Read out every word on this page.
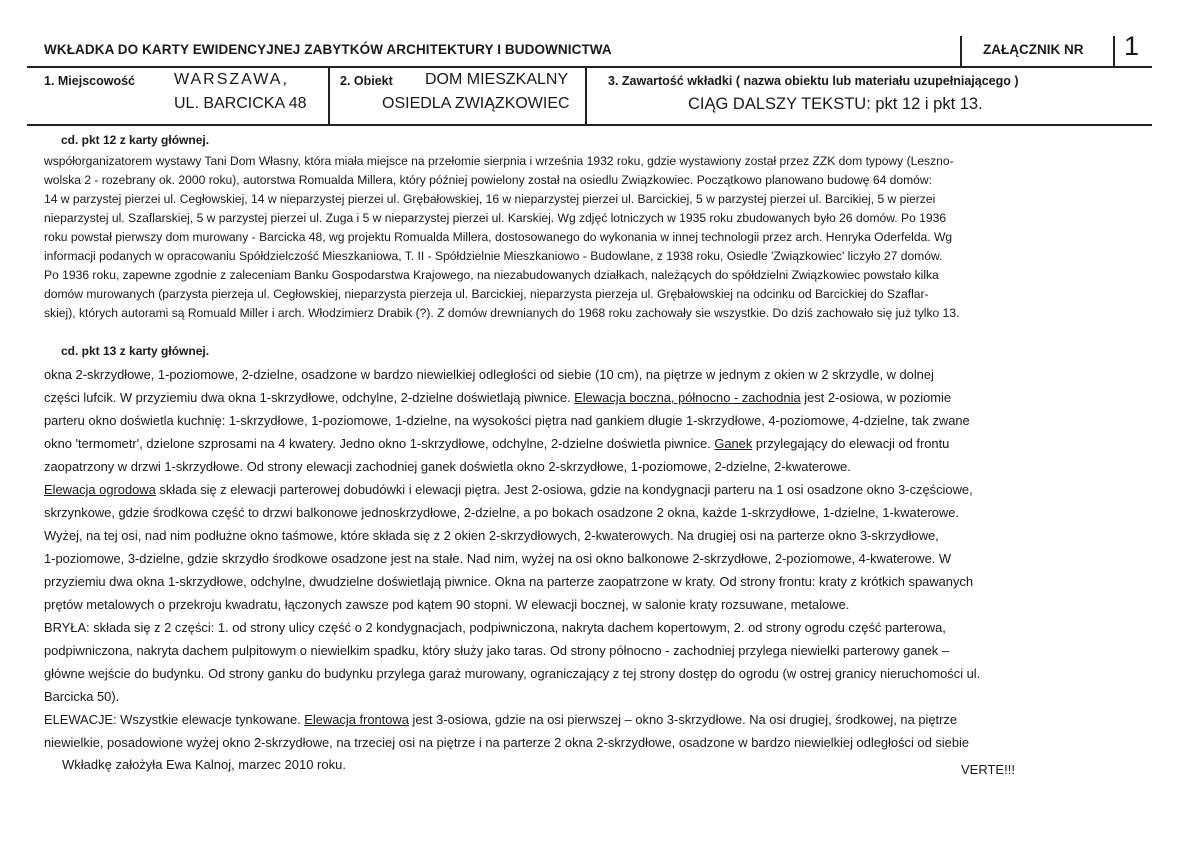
WKŁADKA DO KARTY EWIDENCYJNEJ ZABYTKÓW ARCHITEKTURY I BUDOWNICTWA	ZAŁĄCZNIK NR 1
1. Miejscowość WARSZAWA,
UL. BARCICKA 48
2. Obiekt DOM MIESZKALNY
OSIEDLA ZWIĄZKOWIEC
3. Zawartość wkładki ( nazwa obiektu lub materiału uzupełniającego )
CIĄG DALSZY TEKSTU: pkt 12 i pkt 13.
cd. pkt 12 z karty głównej.
współorganizatorem wystawy Tani Dom Własny, która miała miejsce na przełomie sierpnia i września 1932 roku, gdzie wystawiony został przez ZZK dom typowy (Leszno-
wolska 2 - rozebrany ok. 2000 roku), autorstwa Romualda Millera, który później powielony został na osiedlu Związkowiec. Początkowo planowano budowę 64 domów:
14 w parzystej pierzei ul. Cegłowskiej, 14 w nieparzystej pierzei ul. Grębałowskiej, 16 w nieparzystej pierzei ul. Barcickiej, 5 w parzystej pierzei ul. Barcikiej, 5 w pierzei
nieparzystej ul. Szaflarskiej, 5 w parzystej pierzei ul. Zuga i 5 w nieparzystej pierzei ul. Karskiej. Wg zdjęć lotniczych w 1935 roku zbudowanych było 26 domów. Po 1936
roku powstał pierwszy dom murowany - Barcicka 48, wg projektu Romualda Millera, dostosowanego do wykonania w innej technologii przez arch. Henryka Oderfelda. Wg
informacji podanych w opracowaniu Spółdzielczość Mieszkaniowa, T. II - Spółdzielnie Mieszkaniowo - Budowlane, z 1938 roku, Osiedle 'Związkowiec' liczyło 27 domów.
Po 1936 roku, zapewne zgodnie z zaleceniam Banku Gospodarstwa Krajowego, na niezabudowanych działkach, należących do spółdzielni Związkowiec powstało kilka
domów murowanych (parzysta pierzeja ul. Cegłowskiej, nieparzysta pierzeja ul. Barcickiej, nieparzysta pierzeja ul. Grębałowskiej na odcinku od Barcickiej do Szaflar-
skiej), których autorami są Romuald Miller i arch. Włodzimierz Drabik (?). Z domów drewnianych do 1968 roku zachowały sie wszystkie. Do dziś zachowało się już tylko 13.
cd. pkt 13 z karty głównej.
okna 2-skrzydłowe, 1-poziomowe, 2-dzielne, osadzone w bardzo niewielkiej odległości od siebie (10 cm), na piętrze w jednym z okien w 2 skrzydle, w dolnej
części lufcik. W przyziemiu dwa okna 1-skrzydłowe, odchylne, 2-dzielne doświetlają piwnice. Elewacja boczna, północno - zachodnia jest 2-osiowa, w poziomie
parteru okno doświetla kuchnię: 1-skrzydłowe, 1-poziomowe, 1-dzielne, na wysokości piętra nad gankiem długie 1-skrzydłowe, 4-poziomowe, 4-dzielne, tak zwane
okno 'termometr', dzielone szprosami na 4 kwatery. Jedno okno 1-skrzydłowe, odchylne, 2-dzielne doświetla piwnice. Ganek przylegający do elewacji od frontu
zaopatrzony w drzwi 1-skrzydłowe. Od strony elewacji zachodniej ganek doświetla okno 2-skrzydłowe, 1-poziomowe, 2-dzielne, 2-kwaterowe.
Elewacja ogrodowa składa się z elewacji parterowej dobudówki i elewacji piętra. Jest 2-osiowa, gdzie na kondygnacji parteru na 1 osi osadzone okno 3-częściowe,
skrzynkowe, gdzie środkowa część to drzwi balkonowe jednoskrzydłowe, 2-dzielne, a po bokach osadzone 2 okna, każde 1-skrzydłowe, 1-dzielne, 1-kwaterowe.
Wyżej, na tej osi, nad nim podłużne okno taśmowe, które składa się z 2 okien 2-skrzydłowych, 2-kwaterowych. Na drugiej osi na parterze okno 3-skrzydłowe,
1-poziomowe, 3-dzielne, gdzie skrzydło środkowe osadzone jest na stałe. Nad nim, wyżej na osi okno balkonowe 2-skrzydłowe, 2-poziomowe, 4-kwaterowe. W
przyziemiu dwa okna 1-skrzydłowe, odchylne, dwudzielne doświetlają piwnice. Okna na parterze zaopatrzone w kraty. Od strony frontu: kraty z krótkich spawanych
prętów metalowych o przekroju kwadratu, łączonych zawsze pod kątem 90 stopni. W elewacji bocznej, w salonie kraty rozsuwane, metalowe.
BRYŁA: składa się z 2 części: 1. od strony ulicy część o 2 kondygnacjach, podpiwniczona, nakryta dachem kopertowym, 2. od strony ogrodu część parterowa,
podpiwniczona, nakryta dachem pulpitowym o niewielkim spadku, który służy jako taras. Od strony północno - zachodniej przylega niewielki parterowy ganek –
główne wejście do budynku. Od strony ganku do budynku przylega garaż murowany, ograniczający z tej strony dostęp do ogrodu (w ostrej granicy nieruchomości ul.
Barcicka 50).
ELEWACJE: Wszystkie elewacje tynkowane. Elewacja frontowa jest 3-osiowa, gdzie na osi pierwszej – okno 3-skrzydłowe. Na osi drugiej, środkowej, na piętrze
niewielkie, posadowione wyżej okno 2-skrzydłowe, na trzeciej osi na piętrze i na parterze 2 okna 2-skrzydłowe, osadzone w bardzo niewielkiej odległości od siebie
Wkładkę założyła Ewa Kalnoj, marzec 2010 roku.	VERTE!!!
